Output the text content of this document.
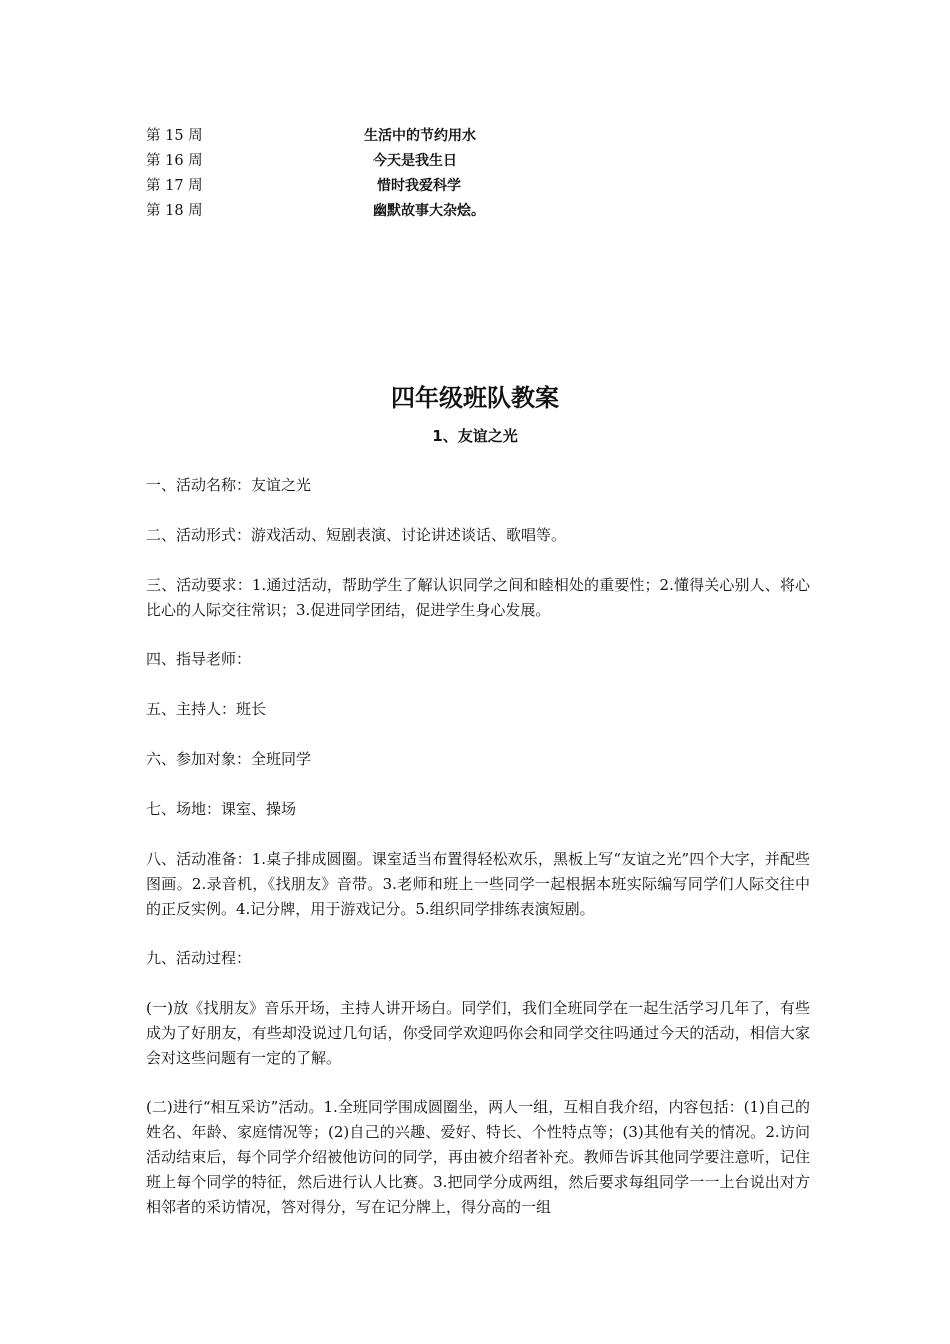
第 15 周	生活中的节约用水
第 16 周	今天是我生日
第 17 周	惜时我爱科学
第 18 周	幽默故事大杂烩。
四年级班队教案
1、友谊之光

一、活动名称：友谊之光

二、活动形式：游戏活动、短剧表演、讨论讲述谈话、歌唱等。

三、活动要求：1.通过活动，帮助学生了解认识同学之间和睦相处的重要性；2.懂得关心别人、将心比心的人际交往常识；3.促进同学团结，促进学生身心发展。

四、指导老师：

五、主持人：班长

六、参加对象：全班同学

七、场地：课室、操场

八、活动准备：1.桌子排成圆圈。课室适当布置得轻松欢乐，黑板上写“友谊之光”四个大字，并配些图画。2.录音机，《找朋友》音带。3.老师和班上一些同学一起根据本班实际编写同学们人际交往中的正反实例。4.记分牌，用于游戏记分。5.组织同学排练表演短剧。

九、活动过程：

(一)放《找朋友》音乐开场，主持人讲开场白。同学们，我们全班同学在一起生活学习几年了，有些成为了好朋友，有些却没说过几句话，你受同学欢迎吗你会和同学交往吗通过今天的活动，相信大家会对这些问题有一定的了解。

(二)进行“相互采访”活动。1.全班同学围成圆圈坐，两人一组，互相自我介绍，内容包括：(1)自己的姓名、年龄、家庭情况等；(2)自己的兴趣、爱好、特长、个性特点等；(3)其他有关的情况。2.访问活动结束后，每个同学介绍被他访问的同学，再由被介绍者补充。教师告诉其他同学要注意听，记住班上每个同学的特征，然后进行认人比赛。3.把同学分成两组，然后要求每组同学一一上台说出对方相邻者的采访情况，答对得分，写在记分牌上，得分高的一组
